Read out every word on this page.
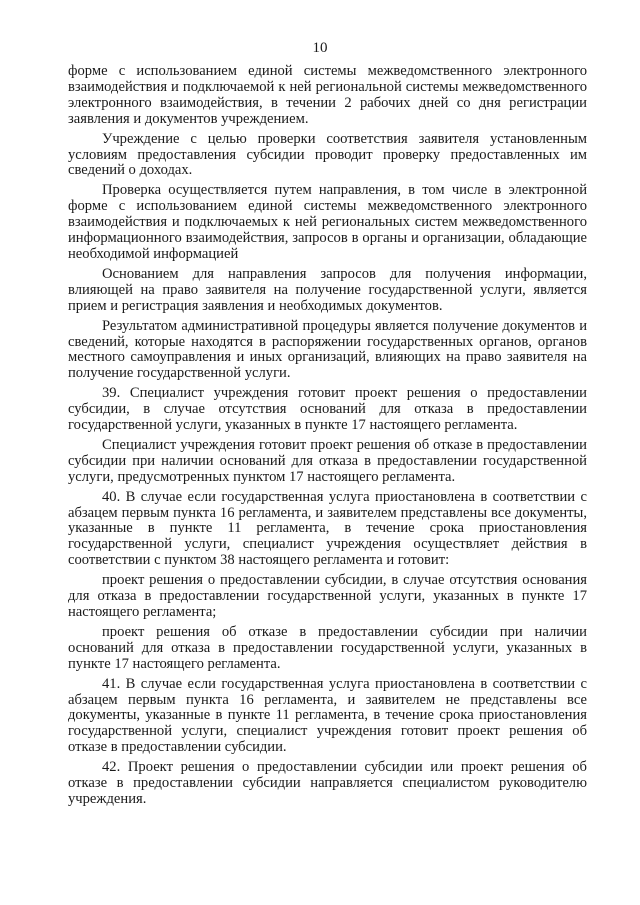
10

форме с использованием единой системы межведомственного электронного взаимодействия и подключаемой к ней региональной системы межведомственного электронного взаимодействия, в течении 2 рабочих дней со дня регистрации заявления и документов учреждением.

Учреждение с целью проверки соответствия заявителя установленным условиям предоставления субсидии проводит проверку предоставленных им сведений о доходах.

Проверка осуществляется путем направления, в том числе в электронной форме с использованием единой системы межведомственного электронного взаимодействия и подключаемых к ней региональных систем межведомственного информационного взаимодействия, запросов в органы и организации, обладающие необходимой информацией

Основанием для направления запросов для получения информации, влияющей на право заявителя на получение государственной услуги, является прием и регистрация заявления и необходимых документов.

Результатом административной процедуры является получение документов и сведений, которые находятся в распоряжении государственных органов, органов местного самоуправления и иных организаций, влияющих на право заявителя на получение государственной услуги.

39. Специалист учреждения готовит проект решения о предоставлении субсидии, в случае отсутствия оснований для отказа в предоставлении государственной услуги, указанных в пункте 17 настоящего регламента.

Специалист учреждения готовит проект решения об отказе в предоставлении субсидии при наличии оснований для отказа в предоставлении государственной услуги, предусмотренных пунктом 17 настоящего регламента.

40. В случае если государственная услуга приостановлена в соответствии с абзацем первым пункта 16 регламента, и заявителем представлены все документы, указанные в пункте 11 регламента, в течение срока приостановления государственной услуги, специалист учреждения осуществляет действия в соответствии с пунктом 38 настоящего регламента и готовит:

проект решения о предоставлении субсидии, в случае отсутствия основания для отказа в предоставлении государственной услуги, указанных в пункте 17 настоящего регламента;

проект решения об отказе в предоставлении субсидии при наличии оснований для отказа в предоставлении государственной услуги, указанных в пункте 17 настоящего регламента.

41. В случае если государственная услуга приостановлена в соответствии с абзацем первым пункта 16 регламента, и заявителем не представлены все документы, указанные в пункте 11 регламента, в течение срока приостановления государственной услуги, специалист учреждения готовит проект решения об отказе в предоставлении субсидии.

42. Проект решения о предоставлении субсидии или проект решения об отказе в предоставлении субсидии направляется специалистом руководителю учреждения.
